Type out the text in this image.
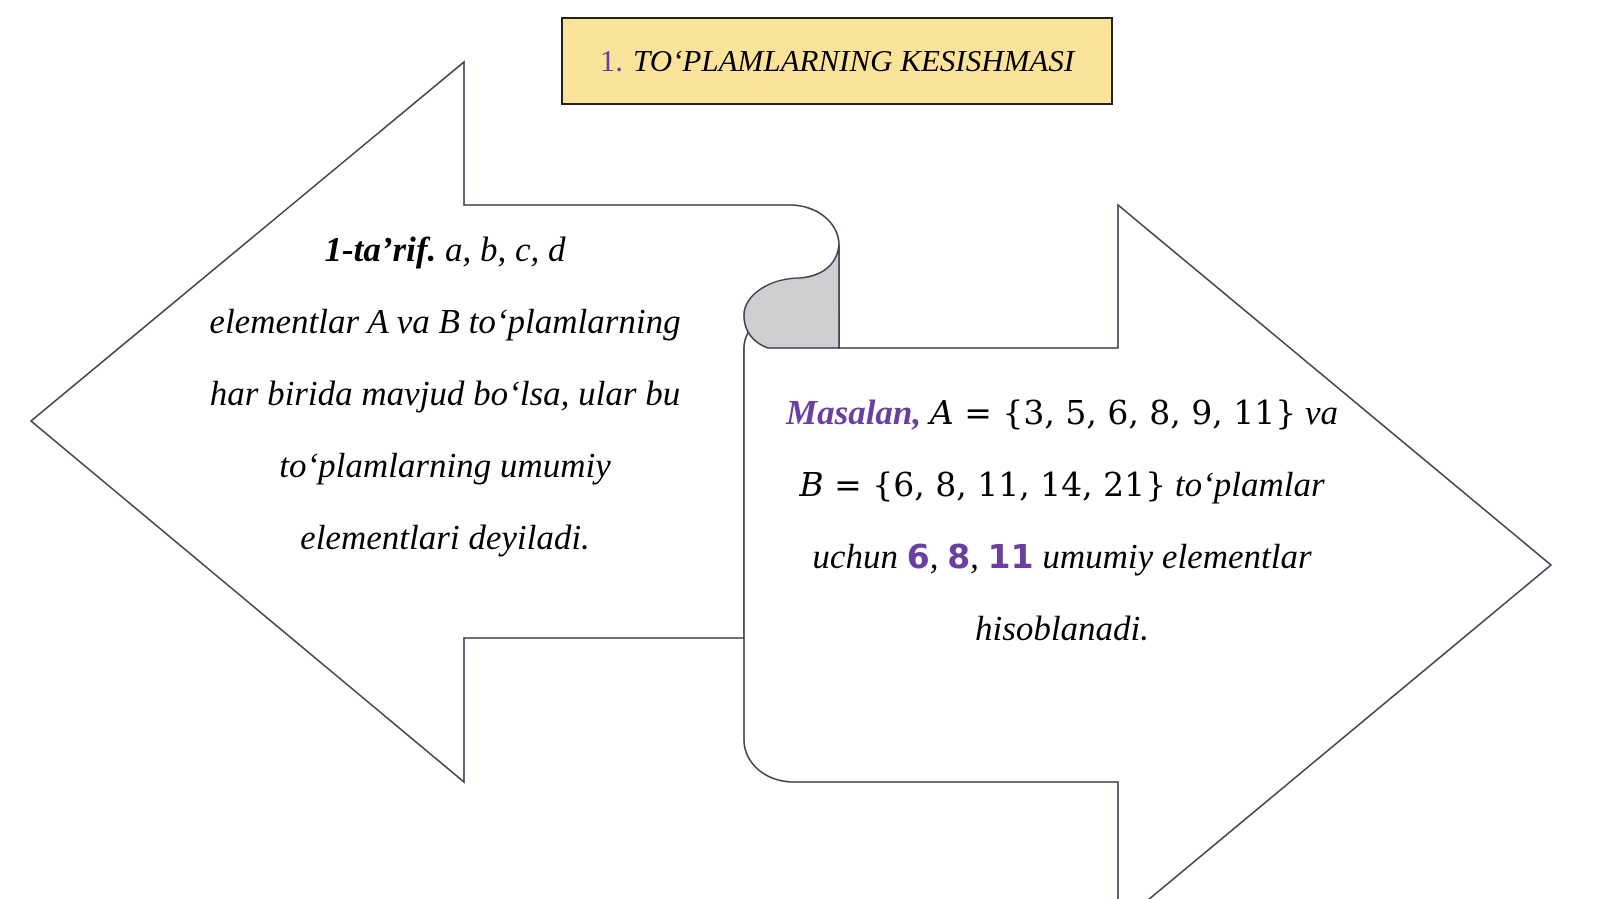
1. TO‘PLAMLARNING KESISHMASI
1-ta’rif. a, b, c, d
elementlar A va B to‘plamlarning
har birida mavjud bo‘lsa, ular bu
to‘plamlarning umumiy
elementlari deyiladi.
Masalan, A = {3, 5, 6, 8, 9, 11} va
B = {6, 8, 11, 14, 21} to‘plamlar
uchun 6, 8, 11 umumiy elementlar
hisoblanadi.
